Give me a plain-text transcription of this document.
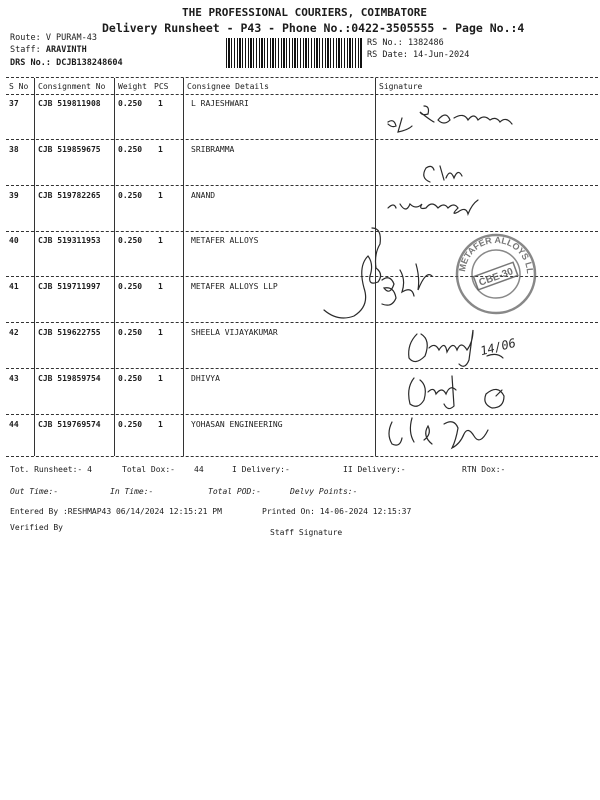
THE PROFESSIONAL COURIERS, COIMBATORE
Delivery Runsheet - P43 - Phone No.:0422-3505555 - Page No.:4
Route: V PURAM-43
Staff: ARAVINTH
DRS No.: DCJB138248604
RS No.: 1382486
RS Date: 14-Jun-2024
S No Consignment No Weight PCS Consignee Details	Signature
37 CJB 519811908 0.250 1	L RAJESHWARI
38 CJB 519859675 0.250 1	SRIBRAMMA
39 CJB 519782265 0.250 1	ANAND
40 CJB 519311953 0.250 1	METAFER ALLOYS
41 CJB 519711997 0.250 1	METAFER ALLOYS LLP
42 CJB 519622755 0.250 1	SHEELA VIJAYAKUMAR
43 CJB 519859754 0.250 1	DHIVYA
44 CJB 519769574 0.250 1	YOHASAN ENGINEERING
14/06
METAFER ALLOYS LLP
CBE-30
Tot. Runsheet:- 4	Total Dox:- 44	I Delivery:-	II Delivery:-	RTN Dox:-
Out Time:-	In Time:-	Total POD:-	Delvy Points:-
Entered By :RESHMAP43 06/14/2024 12:15:21 PM	Printed On: 14-06-2024 12:15:37
Verified By
Staff Signature
